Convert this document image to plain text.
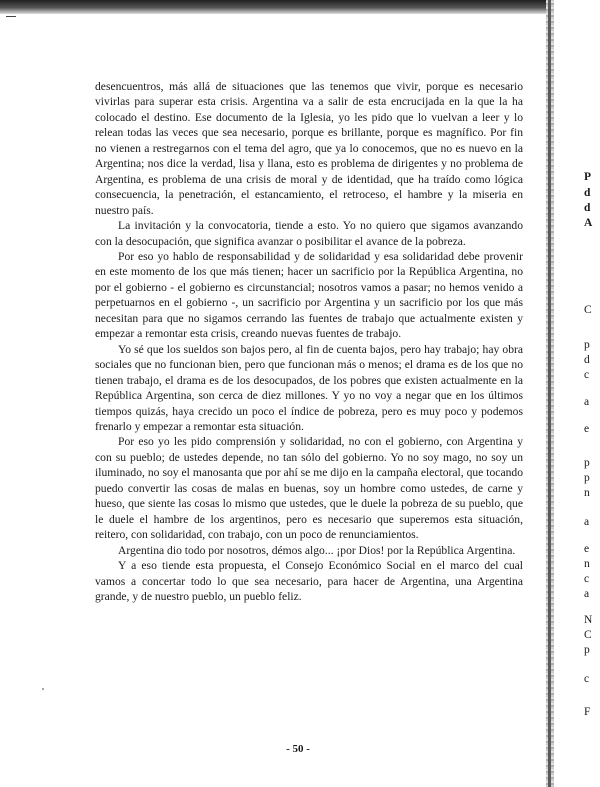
desencuentros, más allá de situaciones que las tenemos que vivir, porque es necesario vivirlas para superar esta crisis. Argentina va a salir de esta encrucijada en la que la ha colocado el destino. Ese documento de la Iglesia, yo les pido que lo vuelvan a leer y lo relean todas las veces que sea necesario, porque es brillante, porque es magnífico. Por fin no vienen a restregarnos con el tema del agro, que ya lo conocemos, que no es nuevo en la Argentina; nos dice la verdad, lisa y llana, esto es problema de dirigentes y no problema de Argentina, es problema de una crisis de moral y de identidad, que ha traído como lógica consecuencia, la penetración, el estancamiento, el retroceso, el hambre y la miseria en nuestro país.

La invitación y la convocatoria, tiende a esto. Yo no quiero que sigamos avanzando con la desocupación, que significa avanzar o posibilitar el avance de la pobreza.

Por eso yo hablo de responsabilidad y de solidaridad y esa solidaridad debe provenir en este momento de los que más tienen; hacer un sacrificio por la República Argentina, no por el gobierno - el gobierno es circunstancial; nosotros vamos a pasar; no hemos venido a perpetuarnos en el gobierno -, un sacrificio por Argentina y un sacrificio por los que más necesitan para que no sigamos cerrando las fuentes de trabajo que actualmente existen y empezar a remontar esta crisis, creando nuevas fuentes de trabajo.

Yo sé que los sueldos son bajos pero, al fin de cuenta bajos, pero hay trabajo; hay obra sociales que no funcionan bien, pero que funcionan más o menos; el drama es de los que no tienen trabajo, el drama es de los desocupados, de los pobres que existen actualmente en la República Argentina, son cerca de diez millones. Y yo no voy a negar que en los últimos tiempos quizás, haya crecido un poco el índice de pobreza, pero es muy poco y podemos frenarlo y empezar a remontar esta situación.

Por eso yo les pido comprensión y solidaridad, no con el gobierno, con Argentina y con su pueblo; de ustedes depende, no tan sólo del gobierno. Yo no soy mago, no soy un iluminado, no soy el manosanta que por ahí se me dijo en la campaña electoral, que tocando puedo convertir las cosas de malas en buenas, soy un hombre como ustedes, de carne y hueso, que siente las cosas lo mismo que ustedes, que le duele la pobreza de su pueblo, que le duele el hambre de los argentinos, pero es necesario que superemos esta situación, reitero, con solidaridad, con trabajo, con un poco de renunciamientos.

Argentina dio todo por nosotros, démos algo... ¡por Dios! por la República Argentina.

Y a eso tiende esta propuesta, el Consejo Económico Social en el marco del cual vamos a concertar todo lo que sea necesario, para hacer de Argentina, una Argentina grande, y de nuestro pueblo, un pueblo feliz.

- 50 -
P
d
d
A
C
p
d
c
a
e
p
p
n
a
e
n
c
a
N
C
p
c
F
